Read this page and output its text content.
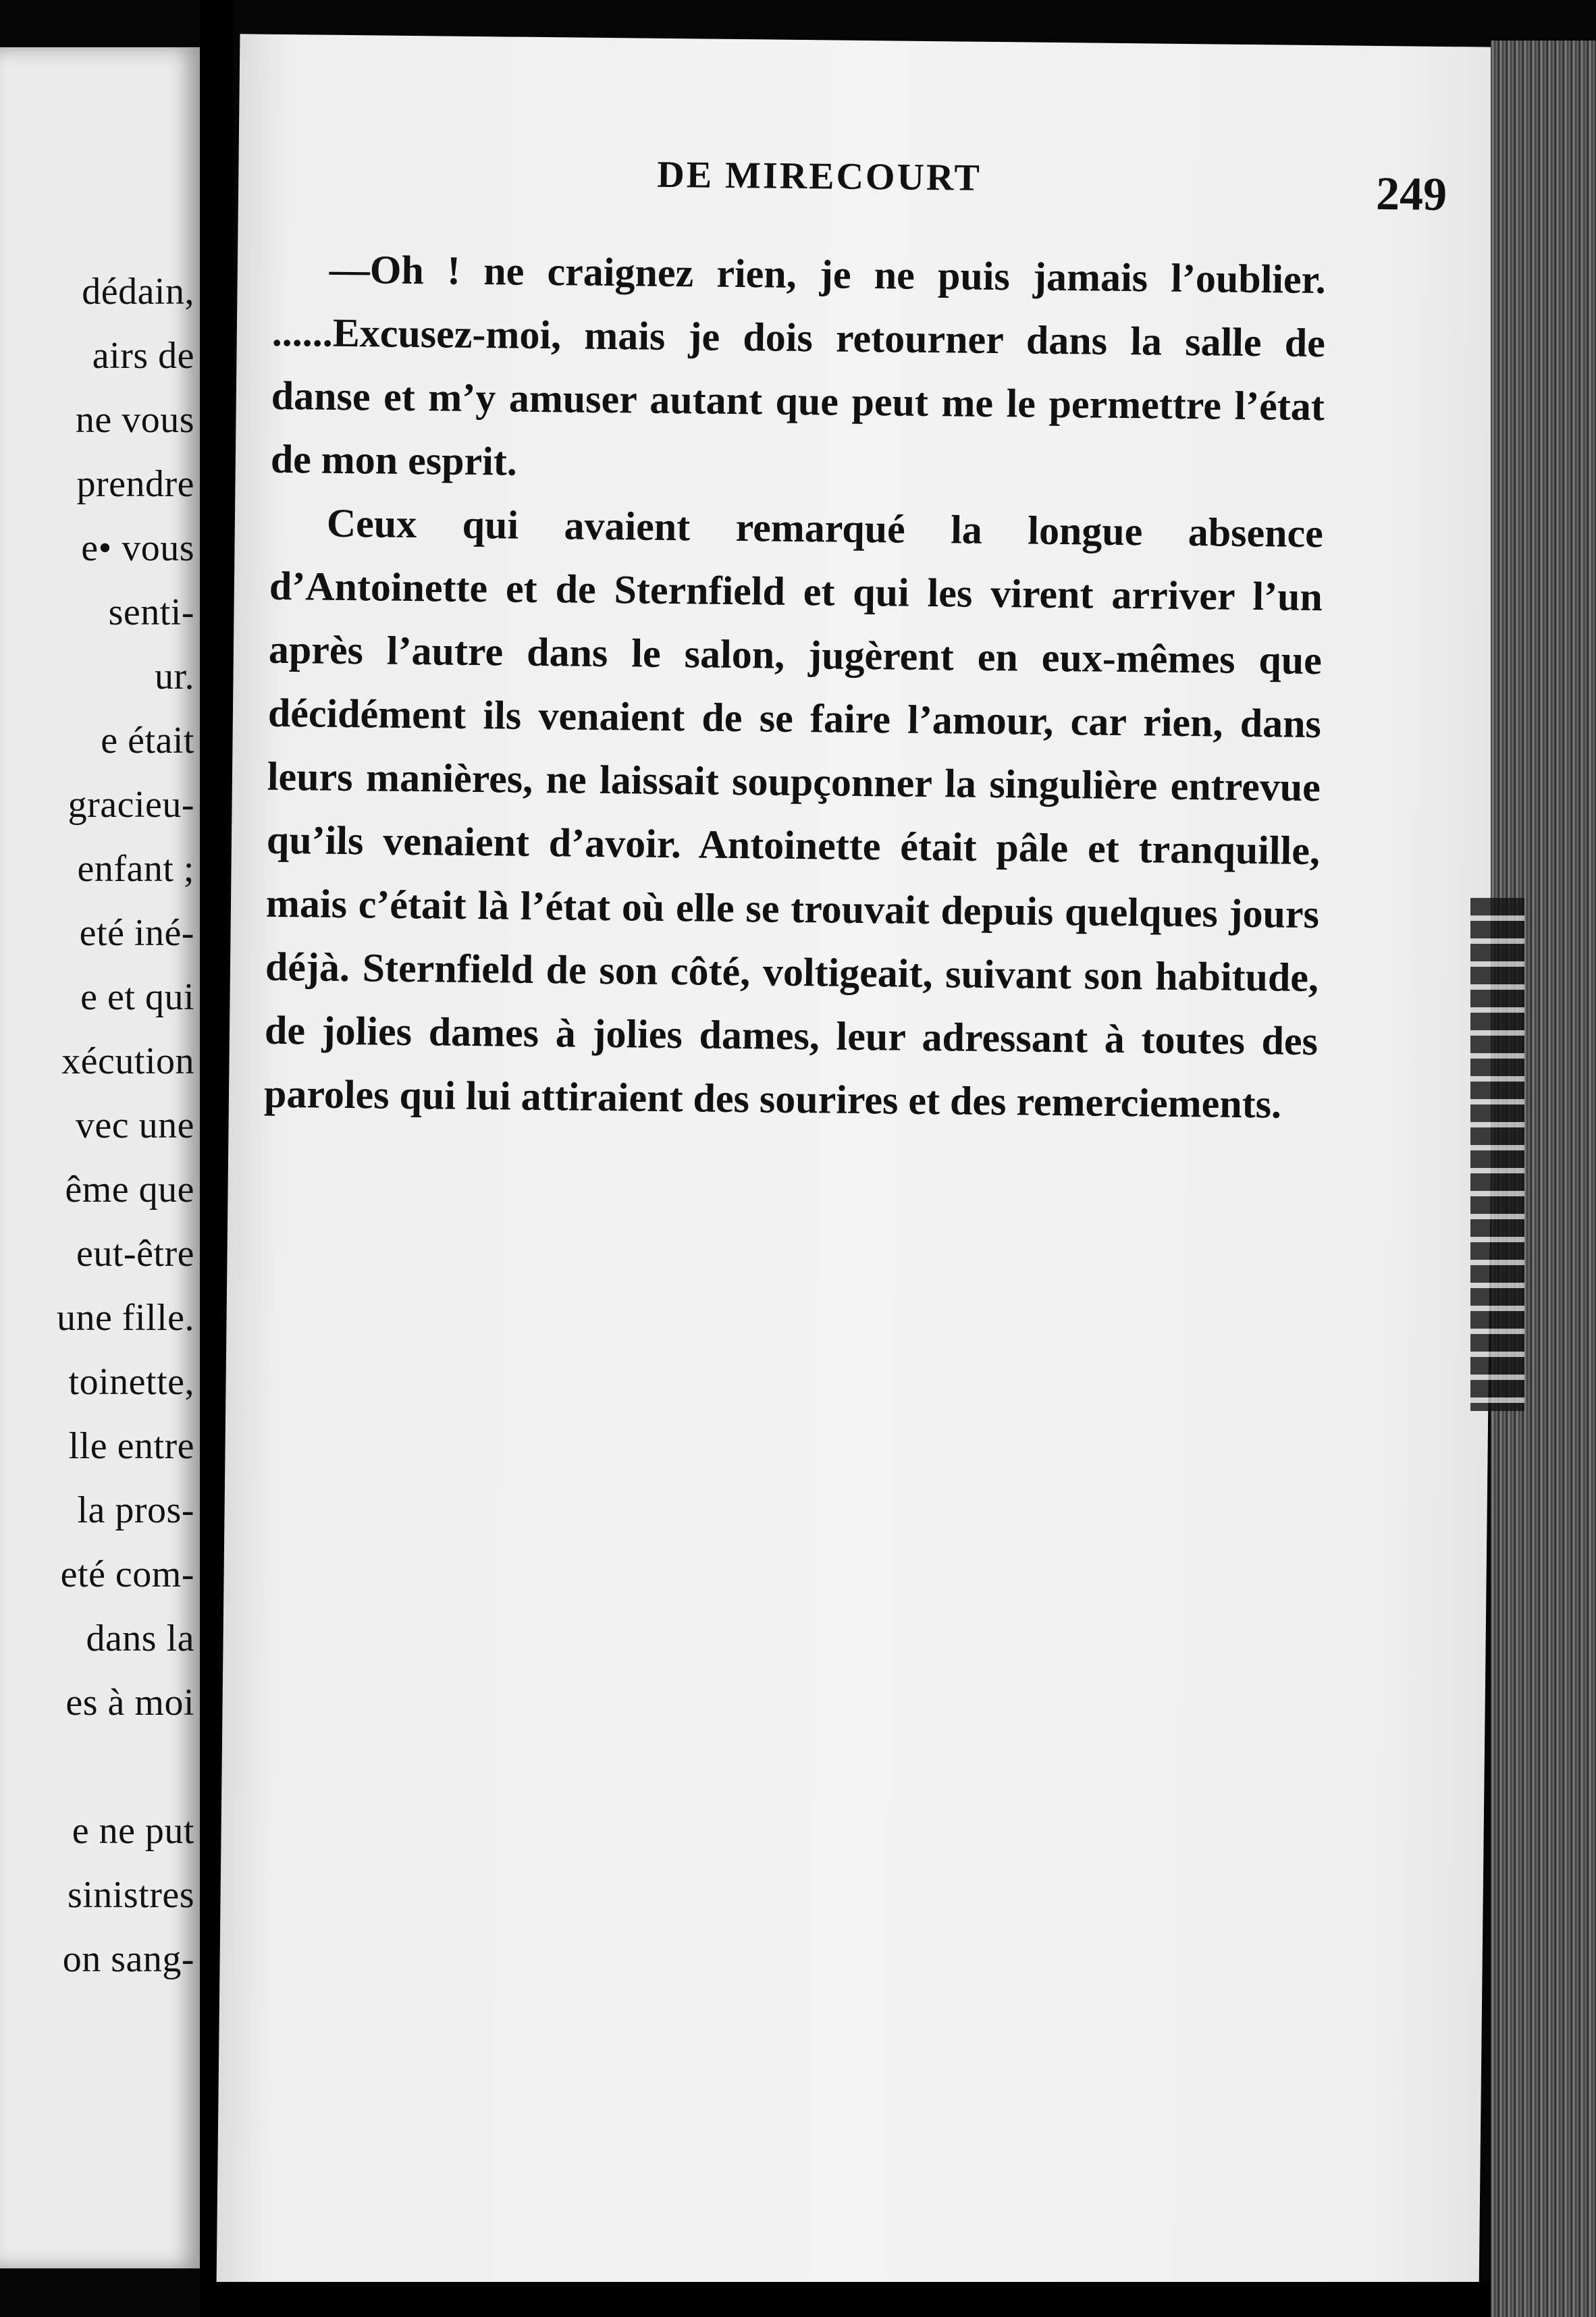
dédain,
airs de
ne vous
prendre
e• vous
senti-
ur.
e était
gracieu-
enfant ;
eté iné-
e et qui
xécution
vec une
ême que
eut-être
une fille.
toinette,
lle entre
la pros-
eté com-
dans la
es à moi
e ne put
sinistres
on sang-
DE MIRECOURT	249

—Oh ! ne craignez rien, je ne puis jamais l’oublier. ......Excusez-moi, mais je dois retourner dans la salle de danse et m’y amuser autant que peut me le permettre l’état de mon esprit.

Ceux qui avaient remarqué la longue absence d’Antoinette et de Sternfield et qui les virent arriver l’un après l’autre dans le salon, jugèrent en eux-mêmes que décidément ils venaient de se faire l’amour, car rien, dans leurs manières, ne laissait soupçonner la singulière entrevue qu’ils venaient d’avoir. Antoinette était pâle et tranquille, mais c’était là l’état où elle se trouvait depuis quelques jours déjà. Sternfield de son côté, voltigeait, suivant son habitude, de jolies dames à jolies dames, leur adressant à toutes des paroles qui lui attiraient des sourires et des remerciements.
